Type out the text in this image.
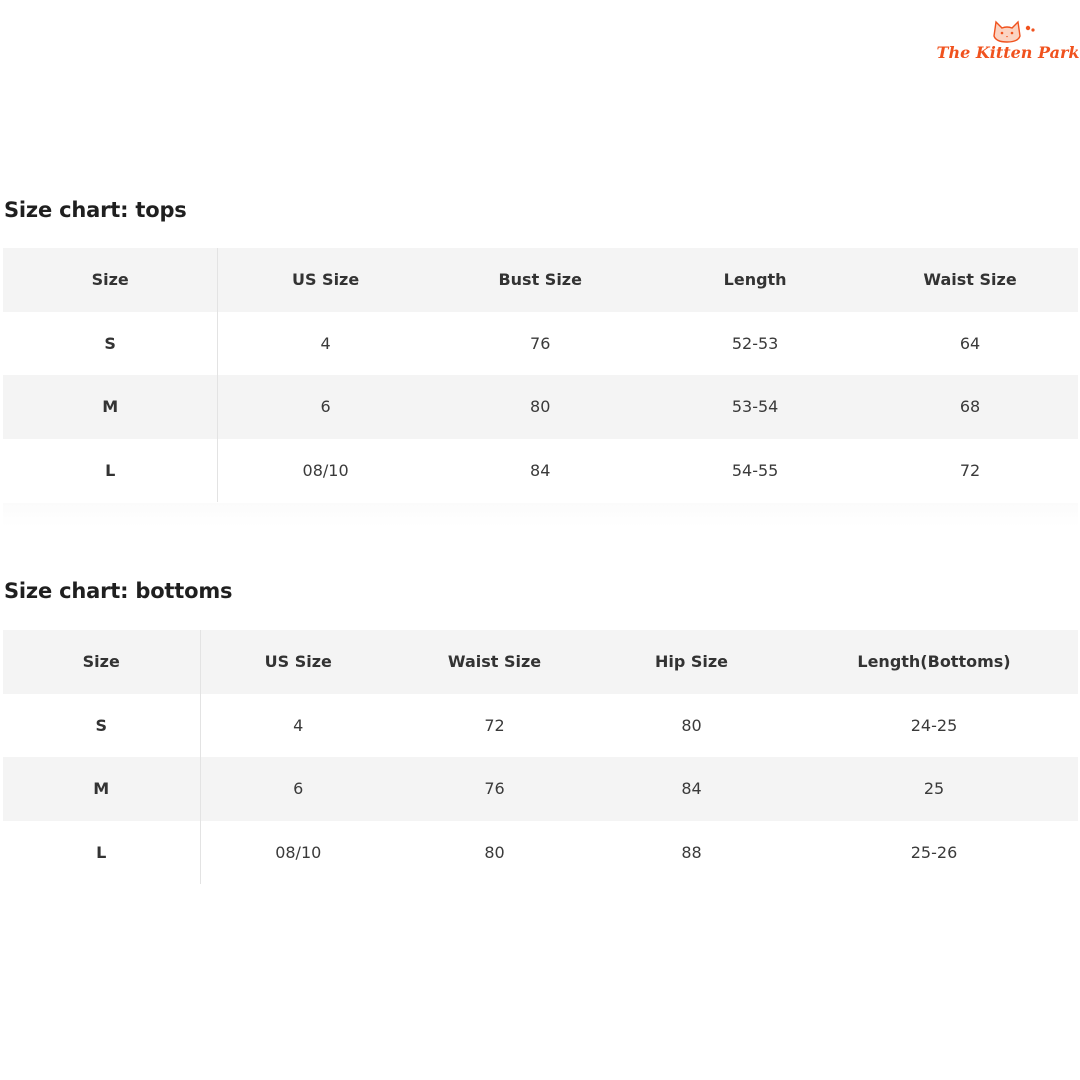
The Kitten Park
Size chart: tops
Size	US Size	Bust Size	Length	Waist Size
S	4	76	52-53	64
M	6	80	53-54	68
L	08/10	84	54-55	72
Size chart: bottoms
Size	US Size	Waist Size	Hip Size	Length(Bottoms)
S	4	72	80	24-25
M	6	76	84	25
L	08/10	80	88	25-26
